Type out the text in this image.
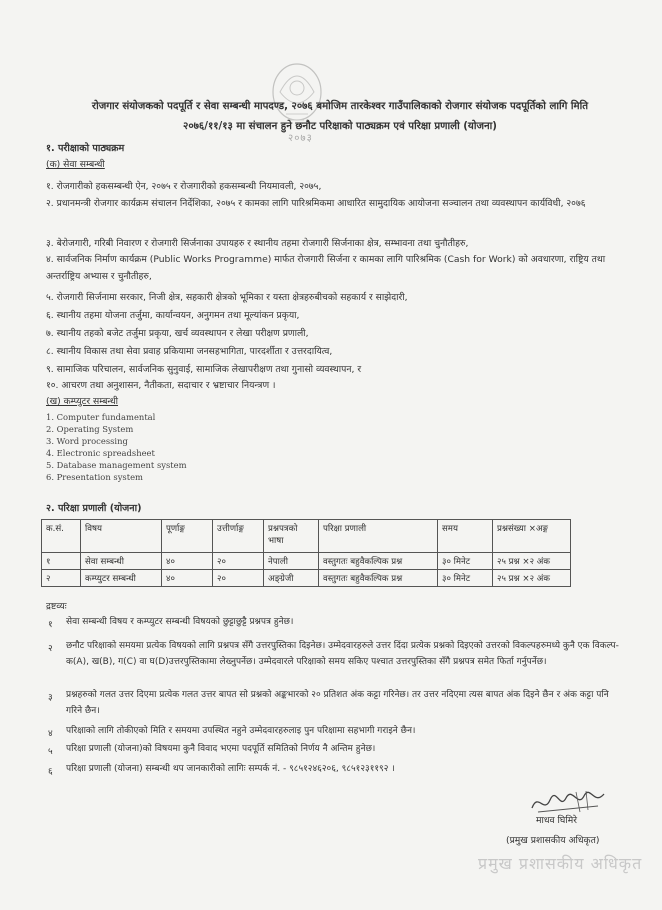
२०७३
रोजगार संयोजकको पदपूर्ति र सेवा सम्बन्धी मापदण्ड, २०७६ बमोजिम तारकेश्वर गाउँपालिकाको रोजगार संयोजक पदपूर्तिको लागि मिति
२०७६/११/१३ मा संचालन हुने छनौट परिक्षाको पाठ्यक्रम एवं परिक्षा प्रणाली (योजना)
१. परीक्षाको पाठ्यक्रम
(क) सेवा सम्बन्धी
१. रोजगारीको हकसम्बन्धी ऐन, २०७५ र रोजगारीको हकसम्बन्धी नियमावली, २०७५,
२. प्रधानमन्त्री रोजगार कार्यक्रम संचालन निर्देशिका, २०७५ र कामका लागि पारिश्रमिकमा आधारित सामुदायिक आयोजना सञ्चालन तथा व्यवस्थापन कार्यविधी, २०७६
३. बेरोजगारी, गरिबी निवारण र रोजगारी सिर्जनाका उपायहरु र स्थानीय तहमा रोजगारी सिर्जनाका क्षेत्र, सम्भावना तथा चुनौतीहरु,
४. सार्वजनिक निर्माण कार्यक्रम (Public Works Programme) मार्फत रोजगारी सिर्जना र कामका लागि पारिश्रमिक (Cash for Work) को अवधारणा, राष्ट्रिय तथा अन्तर्राष्ट्रिय अभ्यास र चुनौतीहरु,
५. रोजगारी सिर्जनामा सरकार, निजी क्षेत्र, सहकारी क्षेत्रको भूमिका र यस्ता क्षेत्रहरुबीचको सहकार्य र साझेदारी,
६. स्थानीय तहमा योजना तर्जुमा, कार्यान्वयन, अनुगमन तथा मूल्यांकन प्रकृया,
७. स्थानीय तहको बजेट तर्जुमा प्रकृया, खर्च व्यवस्थापन र लेखा परीक्षण प्रणाली,
८. स्थानीय विकास तथा सेवा प्रवाह प्रकियामा जनसहभागिता, पारदर्शीता र उत्तरदायित्व,
९. सामाजिक परिचालन, सार्वजनिक सुनुवाई, सामाजिक लेखापरीक्षण तथा गुनासो व्यवस्थापन, र
१०. आचरण तथा अनुशासन, नैतीकता, सदाचार र भ्रष्टाचार नियन्त्रण ।
(ख) कम्प्युटर सम्बन्धी
1. Computer fundamental
2. Operating System
3. Word processing
4. Electronic spreadsheet
5. Database management system
6. Presentation system
२. परिक्षा प्रणाली (योजना)
क.सं.	विषय	पूर्णाङ्ग	उत्तीर्णाङ्ग	प्रश्नपत्रको भाषा	परिक्षा प्रणाली	समय	प्रश्नसंख्या ×अङ्ग
१	सेवा सम्बन्धी	४०	२०	नेपाली	वस्तुगतः बहुवैकल्पिक प्रश्न	३० मिनेट	२५ प्रश्न ×२ अंक
२	कम्प्युटर सम्बन्धी	४०	२०	अङ्ग्रेजी	वस्तुगतः बहुवैकल्पिक प्रश्न	३० मिनेट	२५ प्रश्न ×२ अंक
द्रष्टव्यः
१ सेवा सम्बन्धी विषय र कम्प्युटर सम्बन्धी विषयको छुट्टाछुट्टै प्रश्नपत्र हुनेछ।
२ छनौट परिक्षाको समयमा प्रत्येक विषयको लागि प्रश्नपत्र सँगै उत्तरपुस्तिका दिइनेछ। उम्मेदवारहरुले उत्तर दिंदा प्रत्येक प्रश्नको दिइएको उत्तरको विकल्पहरुमध्ये कुनै एक विकल्प- क(A), ख(B), ग(C) वा घ(D)उत्तरपुस्तिकामा लेख्नुपर्नेछ। उम्मेदवारले परिक्षाको समय सकिए पश्चात उत्तरपुस्तिका सँगै प्रश्नपत्र समेत फिर्ता गर्नुपर्नेछ।
३ प्रश्नहरुको गलत उत्तर दिएमा प्रत्येक गलत उत्तर बापत सो प्रश्नको अङ्कभारको २० प्रतिशत अंक कट्टा गरिनेछ। तर उत्तर नदिएमा त्यस बापत अंक दिइने छैन र अंक कट्टा पनि गरिने छैन।
४ परिक्षाको लागि तोकीएको मिति र समयमा उपस्थित नहुने उम्मेदवारहरुलाइ पुन परिक्षामा सहभागी गराइने छैन।
५ परिक्षा प्रणाली (योजना)को विषयमा कुनै विवाद भएमा पदपूर्ति समितिको निर्णय नै अन्तिम हुनेछ।
६ परिक्षा प्रणाली (योजना) सम्बन्धी थप जानकारीको लागिः सम्पर्क नं. - ९८५१२४६२०६, ९८५१२३११९२ ।
माधव घिमिरे
(प्रमुख प्रशासकीय अधिकृत)
प्रमुख प्रशासकीय अधिकृत
